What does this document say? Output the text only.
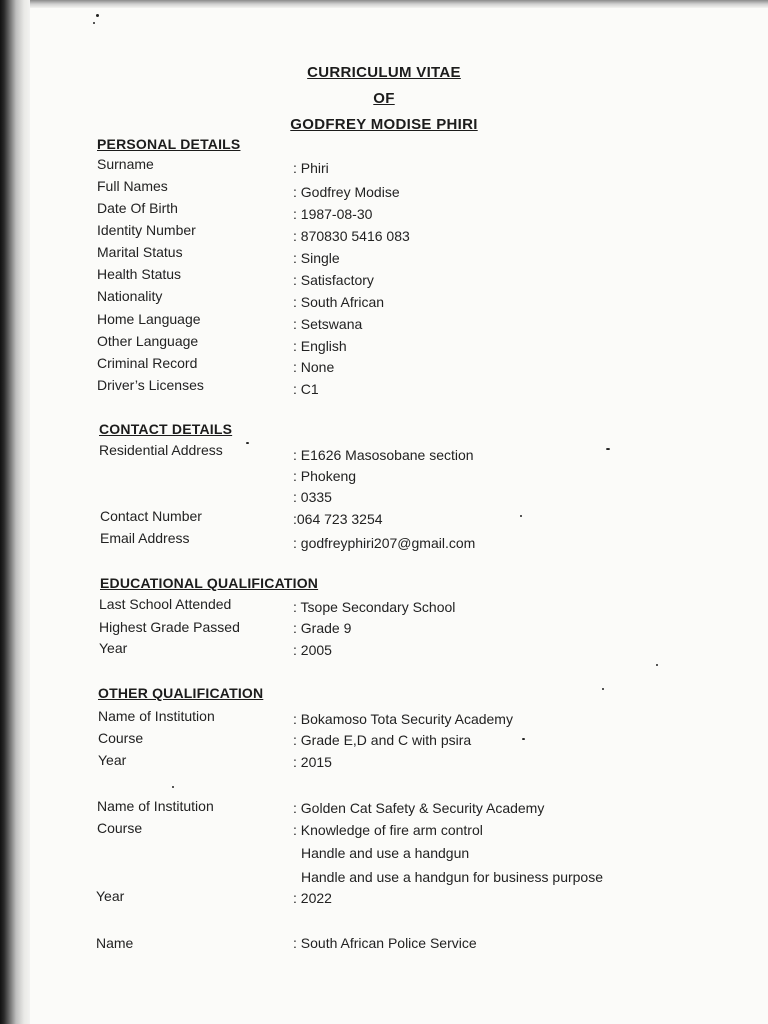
CURRICULUM VITAE
OF
GODFREY MODISE PHIRI
PERSONAL DETAILS
Surname	: Phiri
Full Names	: Godfrey Modise
Date Of Birth	: 1987-08-30
Identity Number	: 870830 5416 083
Marital Status	: Single
Health Status	: Satisfactory
Nationality	: South African
Home Language	: Setswana
Other Language	: English
Criminal Record	: None
Driver’s Licenses	: C1
CONTACT DETAILS
Residential Address	: E1626 Masosobane section
: Phokeng
: 0335
Contact Number	:064 723 3254
Email Address	: godfreyphiri207@gmail.com
EDUCATIONAL QUALIFICATION
Last School Attended	: Tsope Secondary School
Highest Grade Passed	: Grade 9
Year	: 2005
OTHER QUALIFICATION
Name of Institution	: Bokamoso Tota Security Academy
Course	: Grade E,D and C with psira
Year	: 2015
Name of Institution	: Golden Cat Safety & Security Academy
Course	: Knowledge of fire arm control
Handle and use a handgun
Handle and use a handgun for business purpose
Year	: 2022
Name	: South African Police Service
